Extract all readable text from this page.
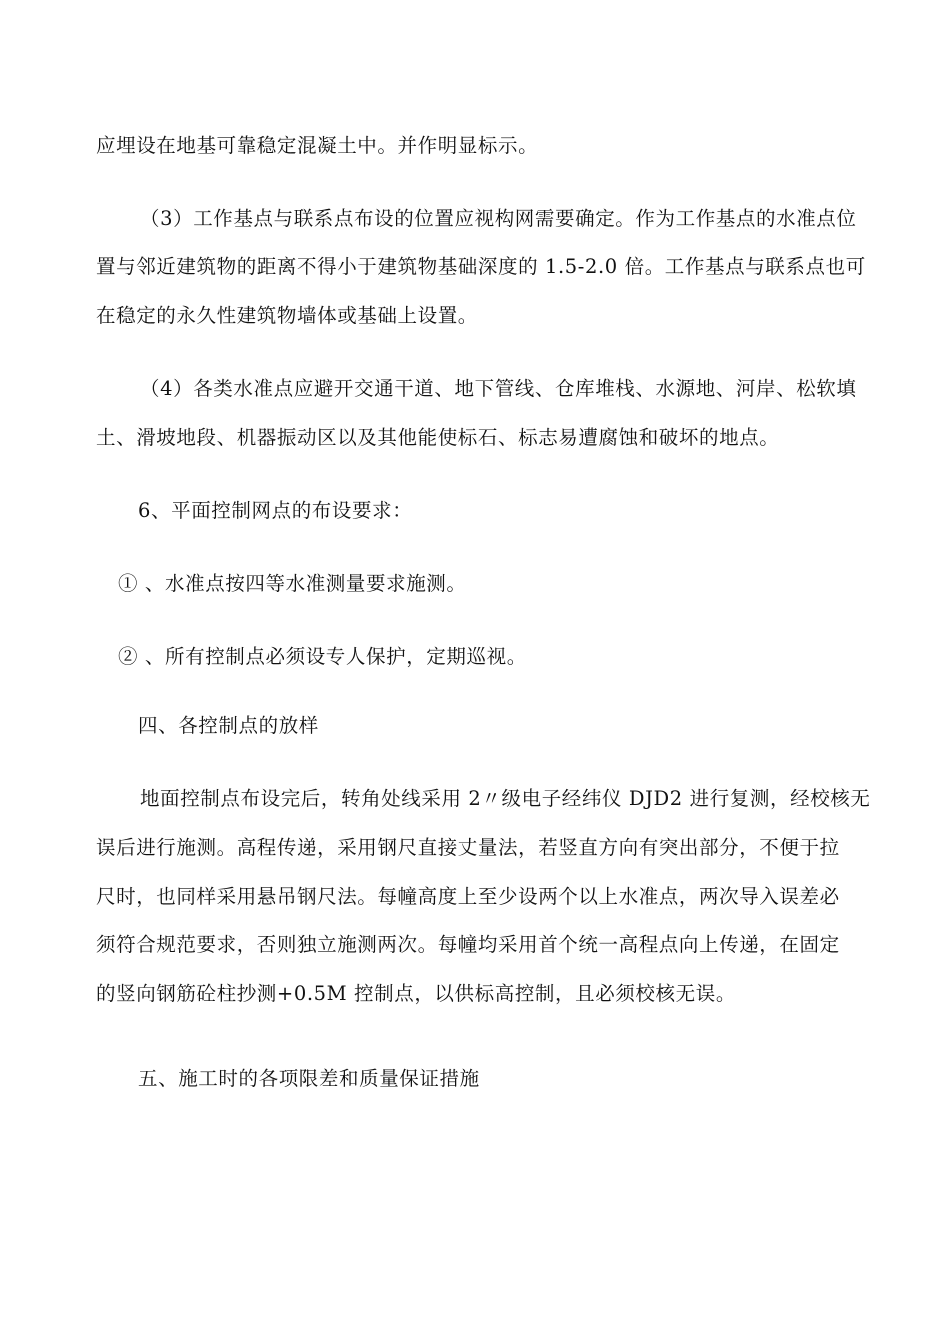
应埋设在地基可靠稳定混凝土中。并作明显标示。
（3）工作基点与联系点布设的位置应视构网需要确定。作为工作基点的水准点位
置与邻近建筑物的距离不得小于建筑物基础深度的 1.5-2.0 倍。工作基点与联系点也可
在稳定的永久性建筑物墙体或基础上设置。
（4）各类水准点应避开交通干道、地下管线、仓库堆栈、水源地、河岸、松软填
土、滑坡地段、机器振动区以及其他能使标石、标志易遭腐蚀和破坏的地点。
6、平面控制网点的布设要求：
① 、水准点按四等水准测量要求施测。
② 、所有控制点必须设专人保护，定期巡视。
四、各控制点的放样
地面控制点布设完后，转角处线采用 2〃级电子经纬仪 DJD2 进行复测，经校核无
误后进行施测。高程传递，采用钢尺直接丈量法，若竖直方向有突出部分，不便于拉
尺时，也同样采用悬吊钢尺法。每幢高度上至少设两个以上水准点，两次导入误差必
须符合规范要求，否则独立施测两次。每幢均采用首个统一高程点向上传递，在固定
的竖向钢筋砼柱抄测+0.5M 控制点，以供标高控制，且必须校核无误。
五、施工时的各项限差和质量保证措施
